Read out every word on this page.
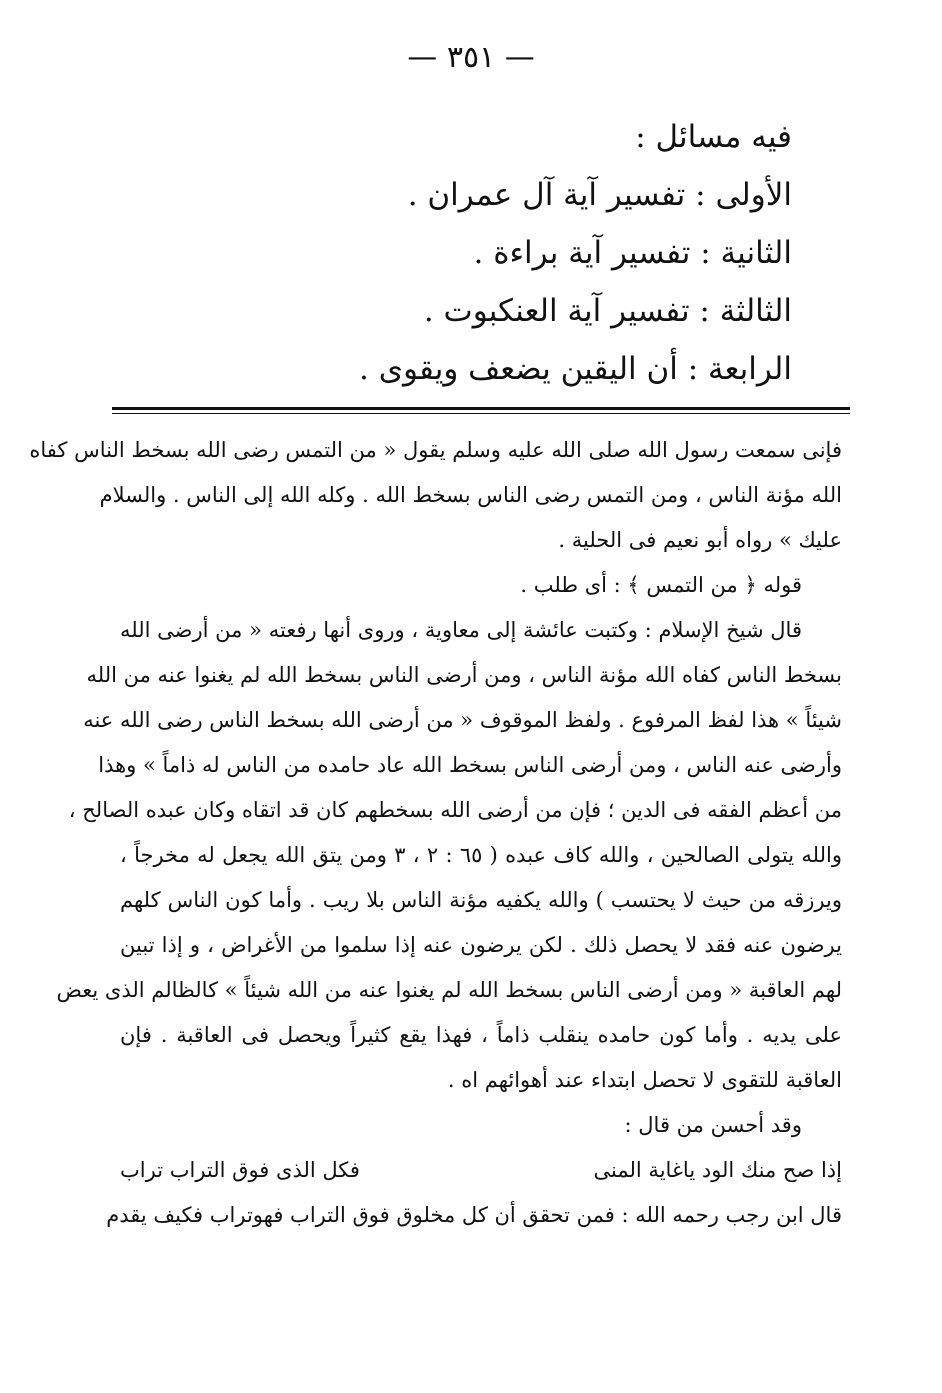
— ٣٥١ —
فيه مسائل :
الأولى : تفسير آية آل عمران .
الثانية : تفسير آية براءة .
الثالثة : تفسير آية العنكبوت .
الرابعة : أن اليقين يضعف ويقوى .
فإنى سمعت رسول الله صلى الله عليه وسلم يقول « من التمس رضى الله بسخط الناس كفاه
الله مؤنة الناس ، ومن التمس رضى الناس بسخط الله . وكله الله إلى الناس . والسلام
عليك » رواه أبو نعيم فى الحلية .
قوله ﴿ من التمس ﴾ : أى طلب .
قال شيخ الإسلام : وكتبت عائشة إلى معاوية ، وروى أنها رفعته « من أرضى الله
بسخط الناس كفاه الله مؤنة الناس ، ومن أرضى الناس بسخط الله لم يغنوا عنه من الله
شيئاً » هذا لفظ المرفوع . ولفظ الموقوف « من أرضى الله بسخط الناس رضى الله عنه
وأرضى عنه الناس ، ومن أرضى الناس بسخط الله عاد حامده من الناس له ذاماً » وهذا
من أعظم الفقه فى الدين ؛ فإن من أرضى الله بسخطهم كان قد اتقاه وكان عبده الصالح ،
والله يتولى الصالحين ، والله كاف عبده ( ٦٥ : ٢ ، ٣ ومن يتق الله يجعل له مخرجاً ،
ويرزقه من حيث لا يحتسب ) والله يكفيه مؤنة الناس بلا ريب . وأما كون الناس كلهم
يرضون عنه فقد لا يحصل ذلك . لكن يرضون عنه إذا سلموا من الأغراض ، و إذا تبين
لهم العاقبة « ومن أرضى الناس بسخط الله لم يغنوا عنه من الله شيئاً » كالظالم الذى يعض
على يديه . وأما كون حامده ينقلب ذاماً ، فهذا يقع كثيراً ويحصل فى العاقبة . فإن
العاقبة للتقوى لا تحصل ابتداء عند أهوائهم اه .
وقد أحسن من قال :
إذا صح منك الود ياغاية المنى
فكل الذى فوق التراب تراب
قال ابن رجب رحمه الله : فمن تحقق أن كل مخلوق فوق التراب فهوتراب فكيف يقدم
